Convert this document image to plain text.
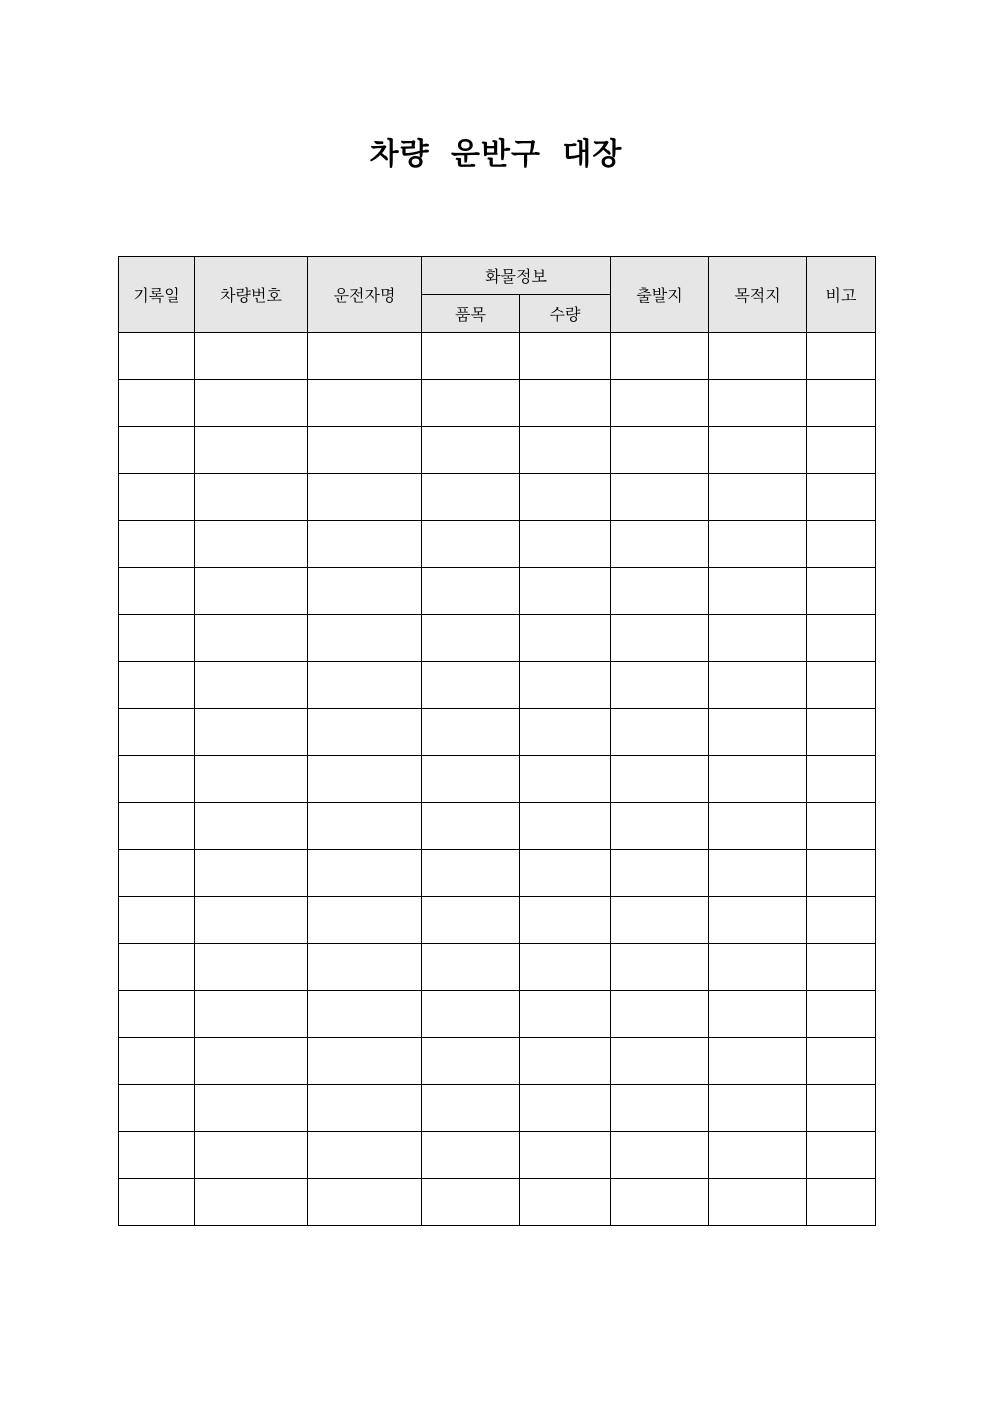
차량 운반구 대장
기록일	차량번호	운전자명	화물정보		출발지	목적지	비고
			품목	수량			
